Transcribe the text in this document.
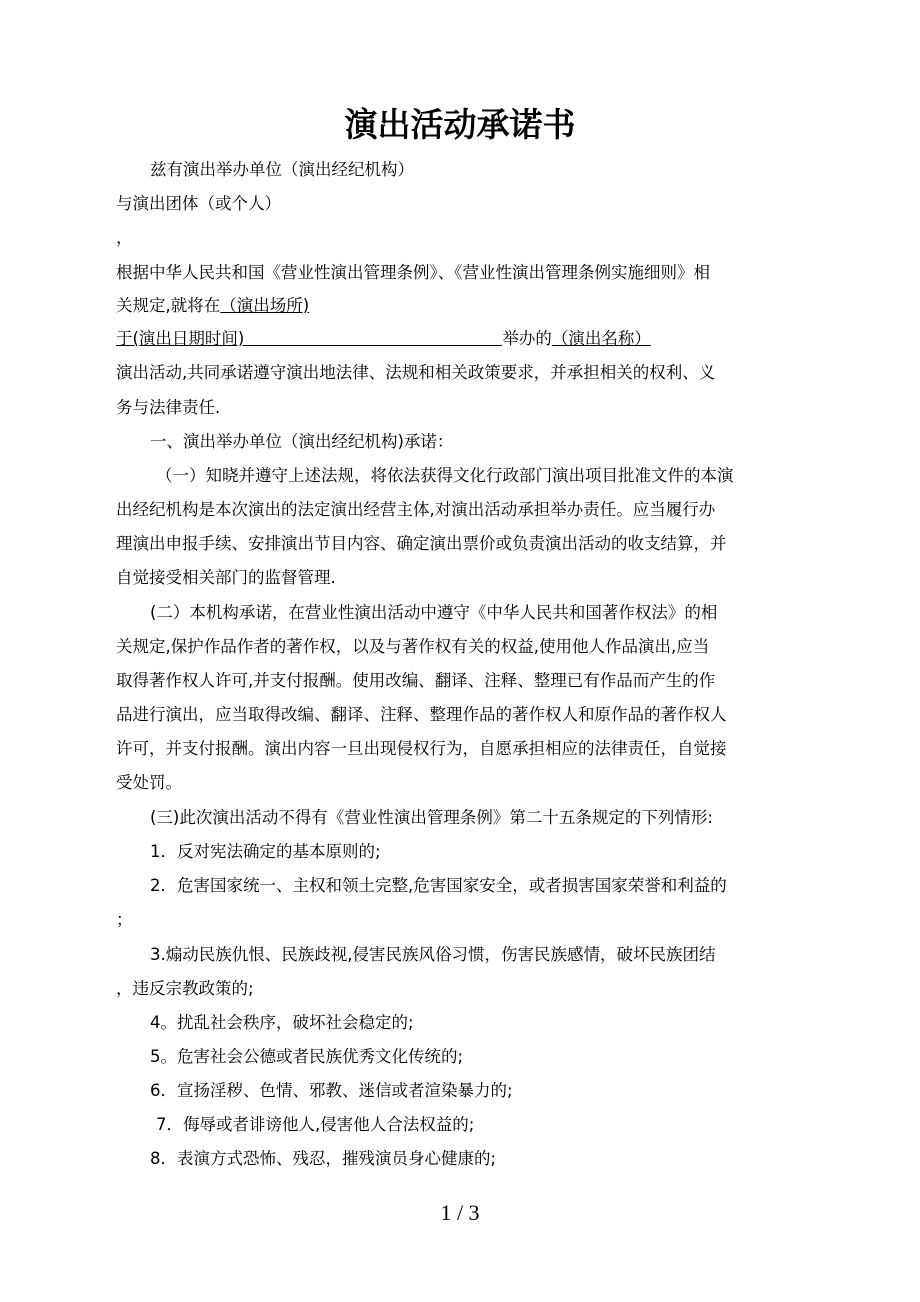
演出活动承诺书
兹有演出举办单位（演出经纪机构）
与演出团体（或个人）
，
根据中华人民共和国《营业性演出管理条例》、《营业性演出管理条例实施细则》相
关规定,就将在（演出场所)
于(演出日期时间)	举办的（演出名称）
演出活动,共同承诺遵守演出地法律、法规和相关政策要求，并承担相关的权利、义
务与法律责任.
一、演出举办单位（演出经纪机构)承诺：
（一）知晓并遵守上述法规，将依法获得文化行政部门演出项目批准文件的本演
出经纪机构是本次演出的法定演出经营主体,对演出活动承担举办责任。应当履行办
理演出申报手续、安排演出节目内容、确定演出票价或负责演出活动的收支结算，并
自觉接受相关部门的监督管理.
(二）本机构承诺，在营业性演出活动中遵守《中华人民共和国著作权法》的相
关规定,保护作品作者的著作权，以及与著作权有关的权益,使用他人作品演出,应当
取得著作权人许可,并支付报酬。使用改编、翻译、注释、整理已有作品而产生的作
品进行演出，应当取得改编、翻译、注释、整理作品的著作权人和原作品的著作权人
许可，并支付报酬。演出内容一旦出现侵权行为，自愿承担相应的法律责任，自觉接
受处罚。
(三)此次演出活动不得有《营业性演出管理条例》第二十五条规定的下列情形:
1．反对宪法确定的基本原则的;
2．危害国家统一、主权和领土完整,危害国家安全，或者损害国家荣誉和利益的
；
3.煽动民族仇恨、民族歧视,侵害民族风俗习惯，伤害民族感情，破坏民族团结
，违反宗教政策的;
4。扰乱社会秩序，破坏社会稳定的;
5。危害社会公德或者民族优秀文化传统的;
6．宣扬淫秽、色情、邪教、迷信或者渲染暴力的;
7．侮辱或者诽谤他人,侵害他人合法权益的;
8．表演方式恐怖、残忍，摧残演员身心健康的;
1 / 3
